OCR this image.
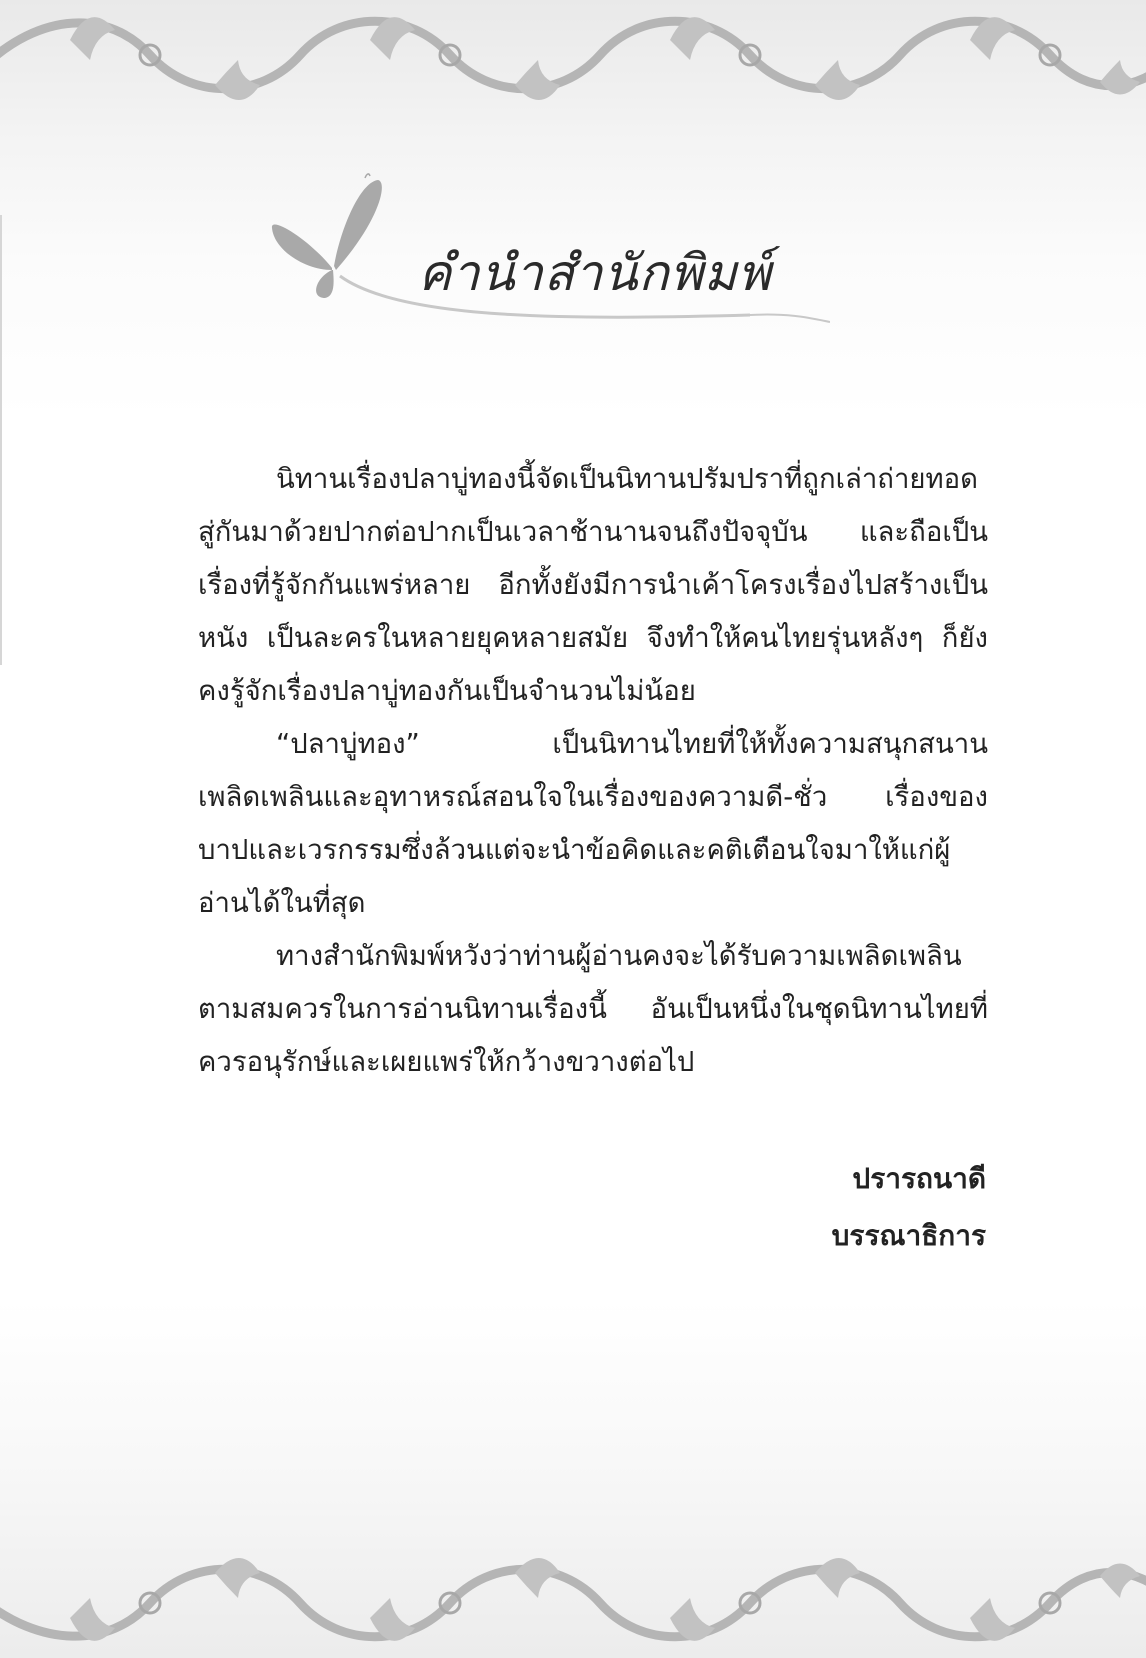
คำนำสำนักพิมพ์

นิทานเรื่องปลาบู่ทองนี้จัดเป็นนิทานปรัมปราที่ถูกเล่าถ่ายทอดสู่กันมาด้วยปากต่อปากเป็นเวลาช้านานจนถึงปัจจุบัน และถือเป็นเรื่องที่รู้จักกันแพร่หลาย อีกทั้งยังมีการนำเค้าโครงเรื่องไปสร้างเป็นหนัง เป็นละครในหลายยุคหลายสมัย จึงทำให้คนไทยรุ่นหลังๆ ก็ยังคงรู้จักเรื่องปลาบู่ทองกันเป็นจำนวนไม่น้อย

“ปลาบู่ทอง” เป็นนิทานไทยที่ให้ทั้งความสนุกสนานเพลิดเพลินและอุทาหรณ์สอนใจในเรื่องของความดี-ชั่ว เรื่องของบาปและเวรกรรมซึ่งล้วนแต่จะนำข้อคิดและคติเตือนใจมาให้แก่ผู้อ่านได้ในที่สุด

ทางสำนักพิมพ์หวังว่าท่านผู้อ่านคงจะได้รับความเพลิดเพลินตามสมควรในการอ่านนิทานเรื่องนี้ อันเป็นหนึ่งในชุดนิทานไทยที่ควรอนุรักษ์และเผยแพร่ให้กว้างขวางต่อไป

ปรารถนาดี
บรรณาธิการ
